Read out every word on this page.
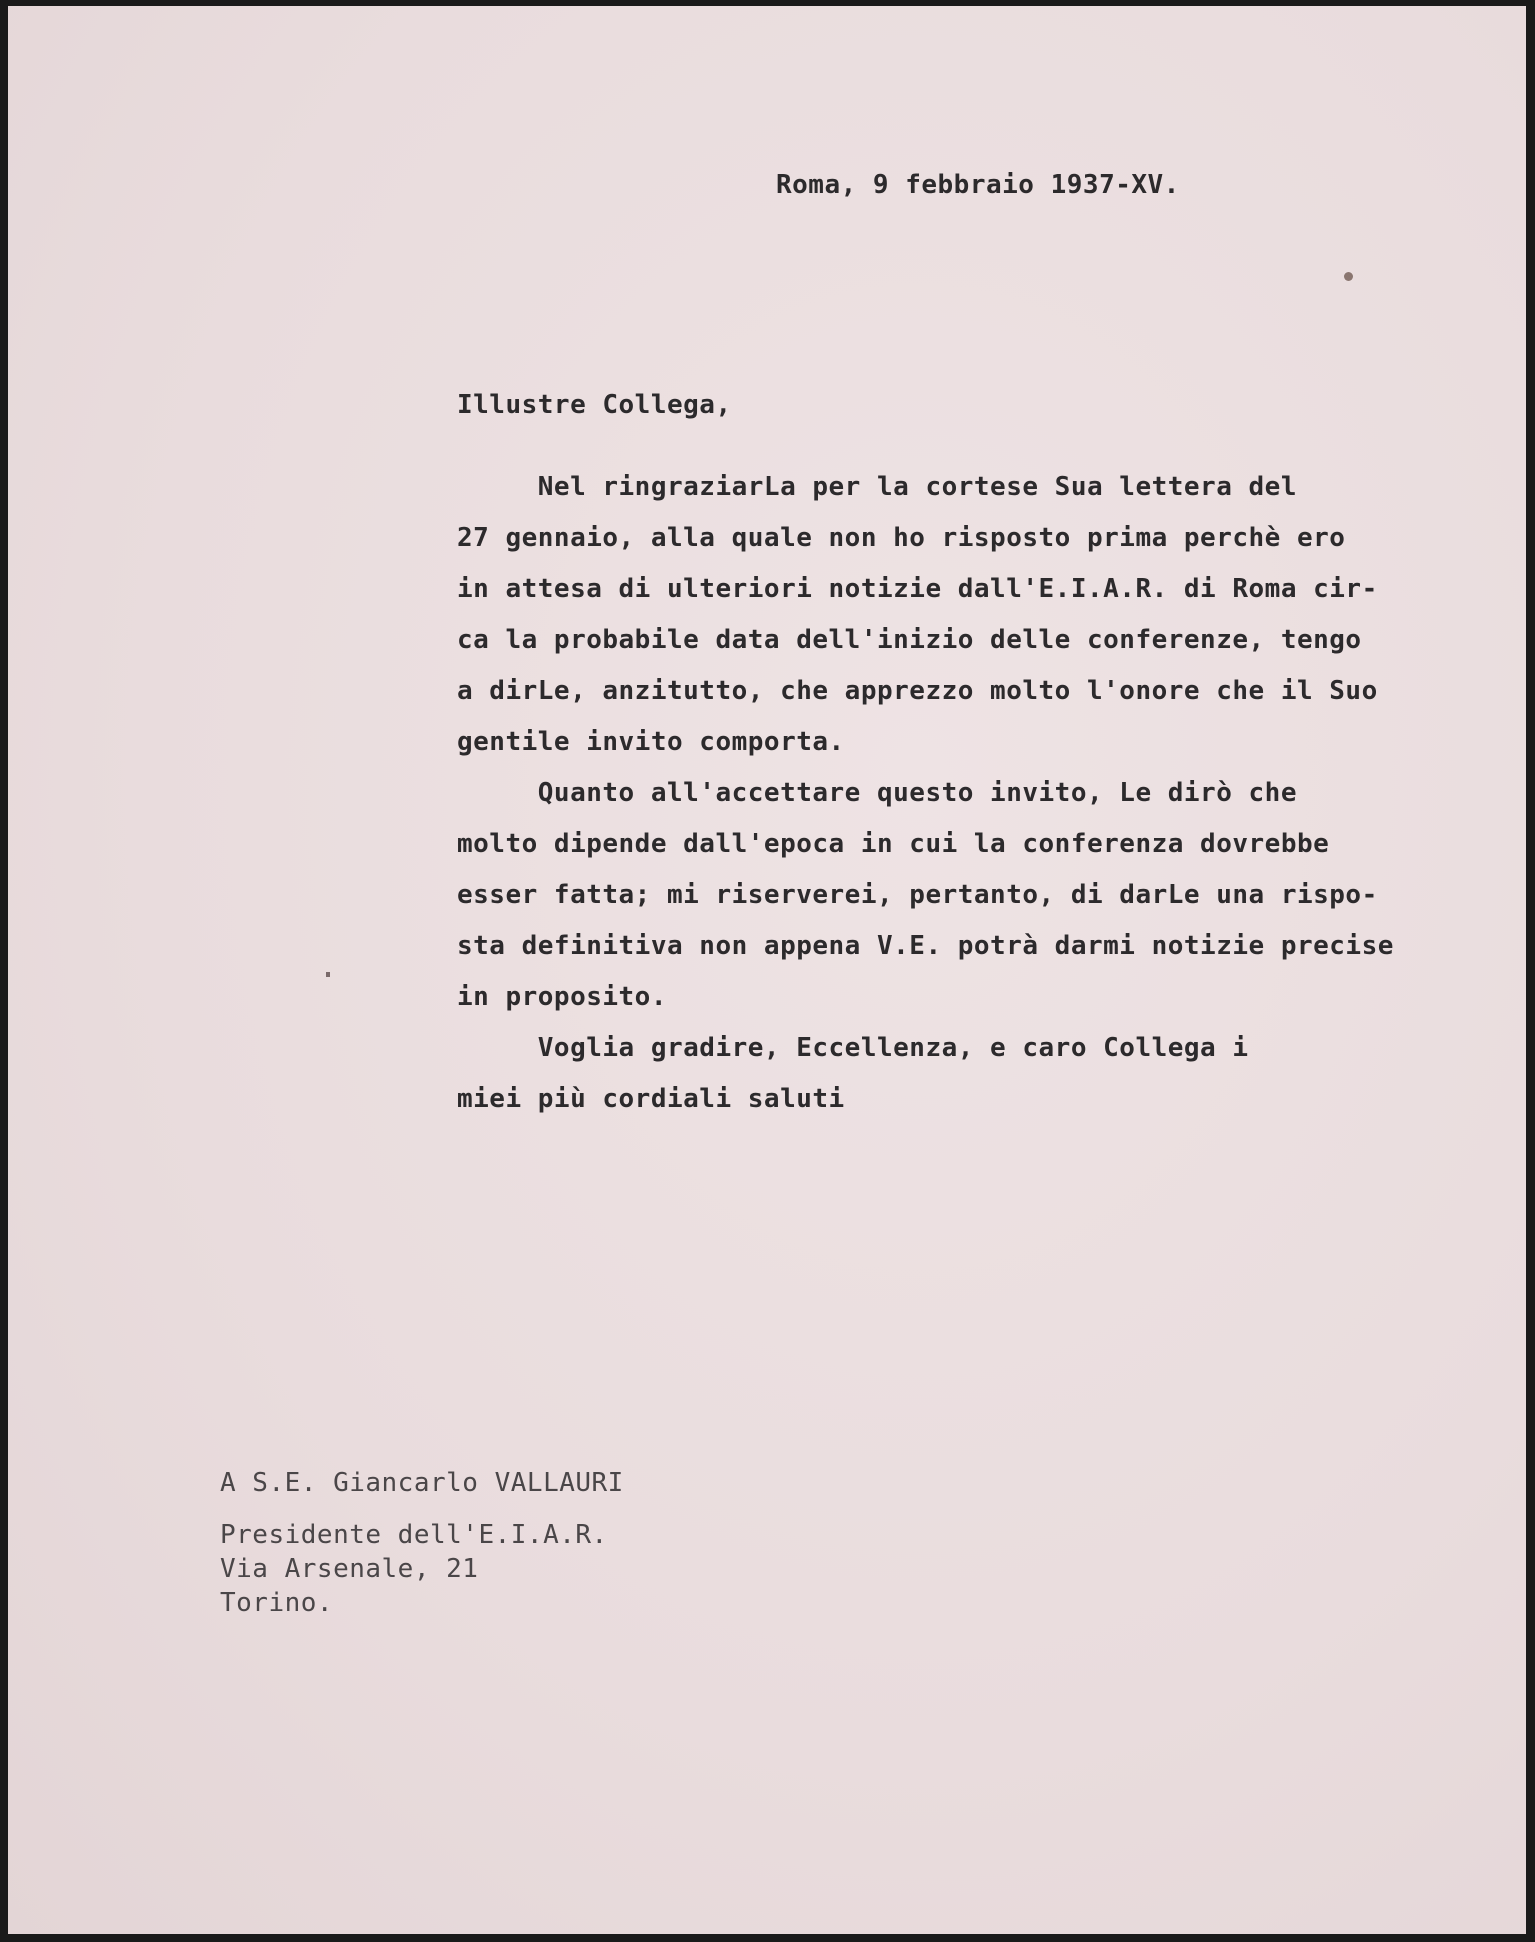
Roma, 9 febbraio 1937-XV.
Illustre Collega,
Nel ringraziarLa per la cortese Sua lettera del
27 gennaio, alla quale non ho risposto prima perchè ero
in attesa di ulteriori notizie dall'E.I.A.R. di Roma cir-
ca la probabile data dell'inizio delle conferenze, tengo
a dirLe, anzitutto, che apprezzo molto l'onore che il Suo
gentile invito comporta.
Quanto all'accettare questo invito, Le dirò che
molto dipende dall'epoca in cui la conferenza dovrebbe
esser fatta; mi riserverei, pertanto, di darLe una rispo-
sta definitiva non appena V.E. potrà darmi notizie precise
in proposito.
Voglia gradire, Eccellenza, e caro Collega i
miei più cordiali saluti
A S.E. Giancarlo VALLAURI
Presidente dell'E.I.A.R.
Via Arsenale, 21
Torino.
